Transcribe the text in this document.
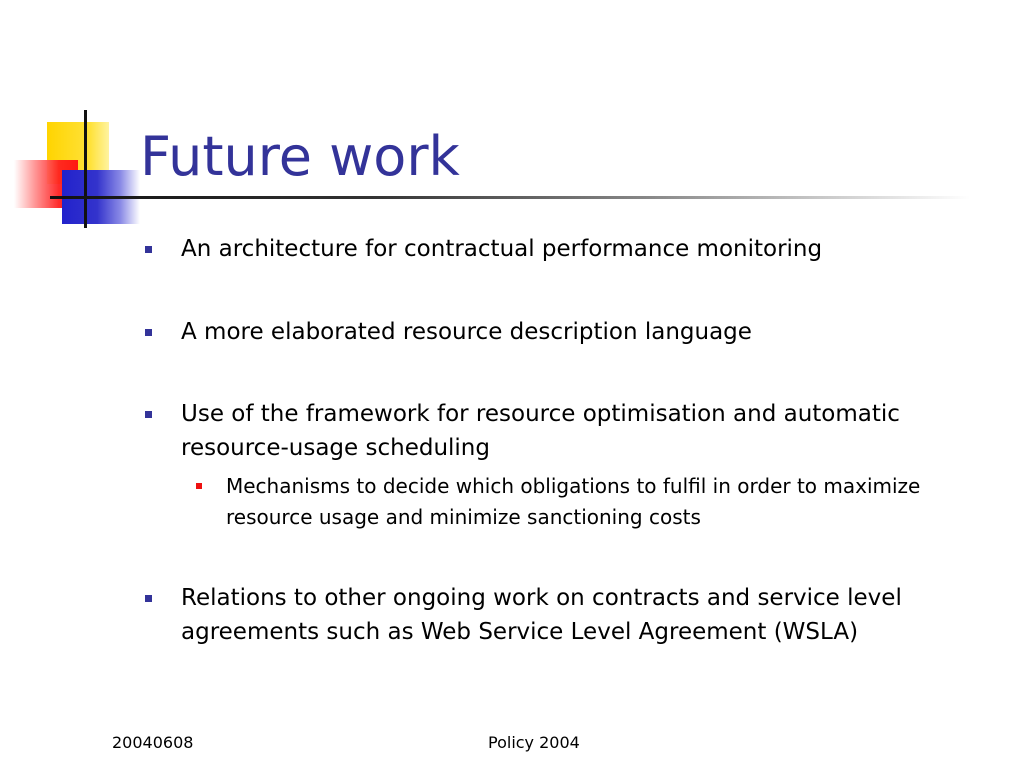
Future work
An architecture for contractual performance monitoring
A more elaborated resource description language
Use of the framework for resource optimisation and automatic resource-usage scheduling
Mechanisms to decide which obligations to fulfil in order to maximize resource usage and minimize sanctioning costs
Relations to other ongoing work on contracts and service level agreements such as Web Service Level Agreement (WSLA)
20040608	Policy 2004
